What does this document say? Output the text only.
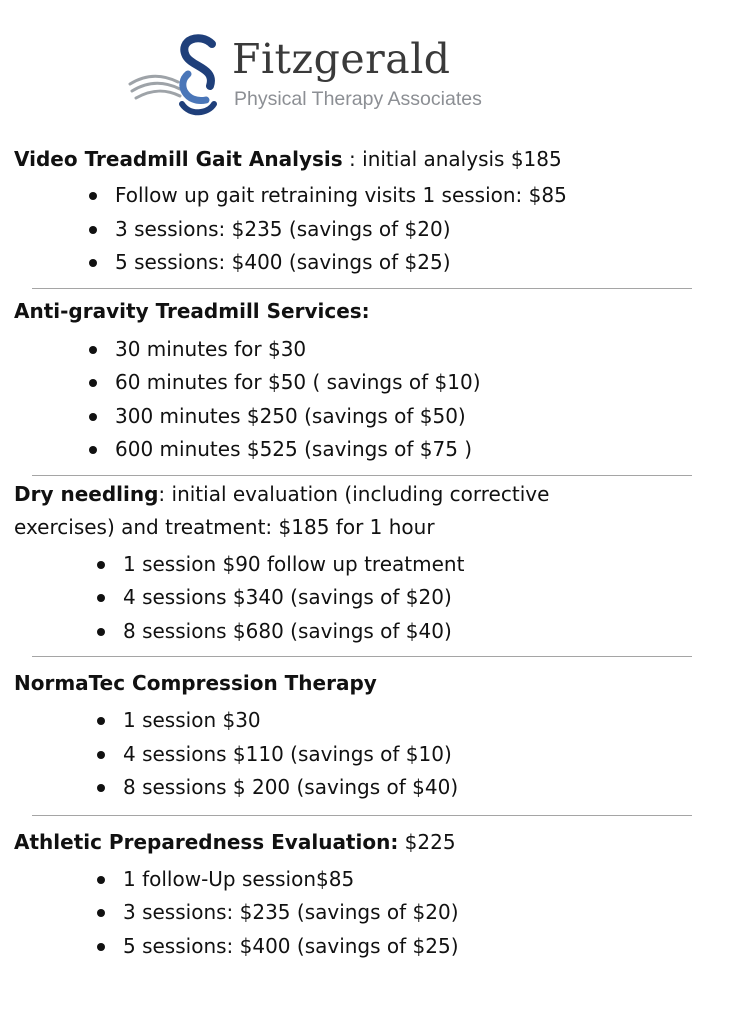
Fitzgerald
Physical Therapy Associates

Video Treadmill Gait Analysis : initial analysis $185

Follow up gait retraining visits 1 session: $85
3 sessions: $235 (savings of $20)
5 sessions: $400 (savings of $25)

Anti-gravity Treadmill Services:

30 minutes for $30
60 minutes for $50 ( savings of $10)
300 minutes $250 (savings of $50)
600 minutes $525 (savings of $75 )

Dry needling: initial evaluation (including corrective exercises) and treatment: $185 for 1 hour

1 session $90 follow up treatment
4 sessions $340 (savings of $20)
8 sessions $680 (savings of $40)

NormaTec Compression Therapy

1 session $30
4 sessions $110 (savings of $10)
8 sessions $ 200 (savings of $40)

Athletic Preparedness Evaluation: $225

1 follow-Up session$85
3 sessions: $235 (savings of $20)
5 sessions: $400 (savings of $25)
